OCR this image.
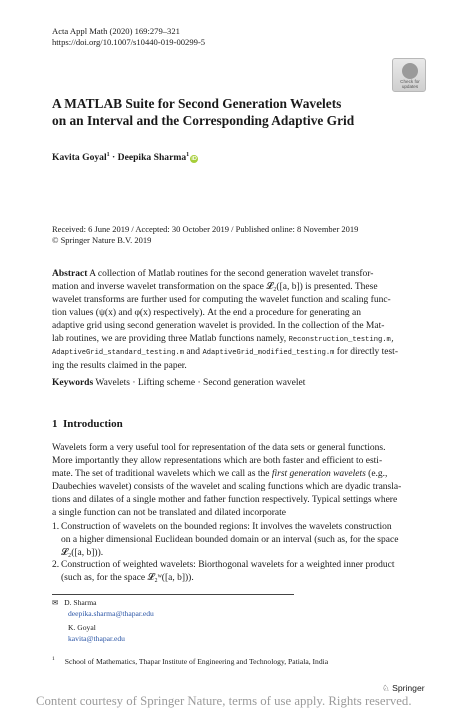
Acta Appl Math (2020) 169:279–321
https://doi.org/10.1007/s10440-019-00299-5
Check for
updates
A MATLAB Suite for Second Generation Wavelets
on an Interval and the Corresponding Adaptive Grid
Kavita Goyal$^1$ · Deepika Sharma$^1$iD
Received: 6 June 2019 / Accepted: 30 October 2019 / Published online: 8 November 2019
© Springer Nature B.V. 2019
Abstract A collection of Matlab routines for the second generation wavelet transfor-
mation and inverse wavelet transformation on the space 𝓛₂([a, b]) is presented. These
wavelet transforms are further used for computing the wavelet function and scaling func-
tion values (ψ(x) and φ(x) respectively). At the end a procedure for generating an
adaptive grid using second generation wavelet is provided. In the collection of the Mat-
lab routines, we are providing three Matlab functions namely, Reconstruction_testing.m,
AdaptiveGrid_standard_testing.m and AdaptiveGrid_modified_testing.m for directly test-
ing the results claimed in the paper.
Keywords Wavelets · Lifting scheme · Second generation wavelet
1 Introduction
Wavelets form a very useful tool for representation of the data sets or general functions.
More importantly they allow representations which are both faster and efficient to esti-
mate. The set of traditional wavelets which we call as the first generation wavelets (e.g.,
Daubechies wavelet) consists of the wavelet and scaling functions which are dyadic transla-
tions and dilates of a single mother and father function respectively. Typical settings where
a single function can not be translated and dilated incorporate
1. Construction of wavelets on the bounded regions: It involves the wavelets construction
on a higher dimensional Euclidean bounded domain or an interval (such as, for the space
𝓛₂([a, b])).
2. Construction of weighted wavelets: Biorthogonal wavelets for a weighted inner product
(such as, for the space 𝓛₂ʷ([a, b])).
✉ D. Sharma
deepika.sharma@thapar.edu
K. Goyal
kavita@thapar.edu
$^1$ School of Mathematics, Thapar Institute of Engineering and Technology, Patiala, India
♘ Springer
Content courtesy of Springer Nature, terms of use apply. Rights reserved.
